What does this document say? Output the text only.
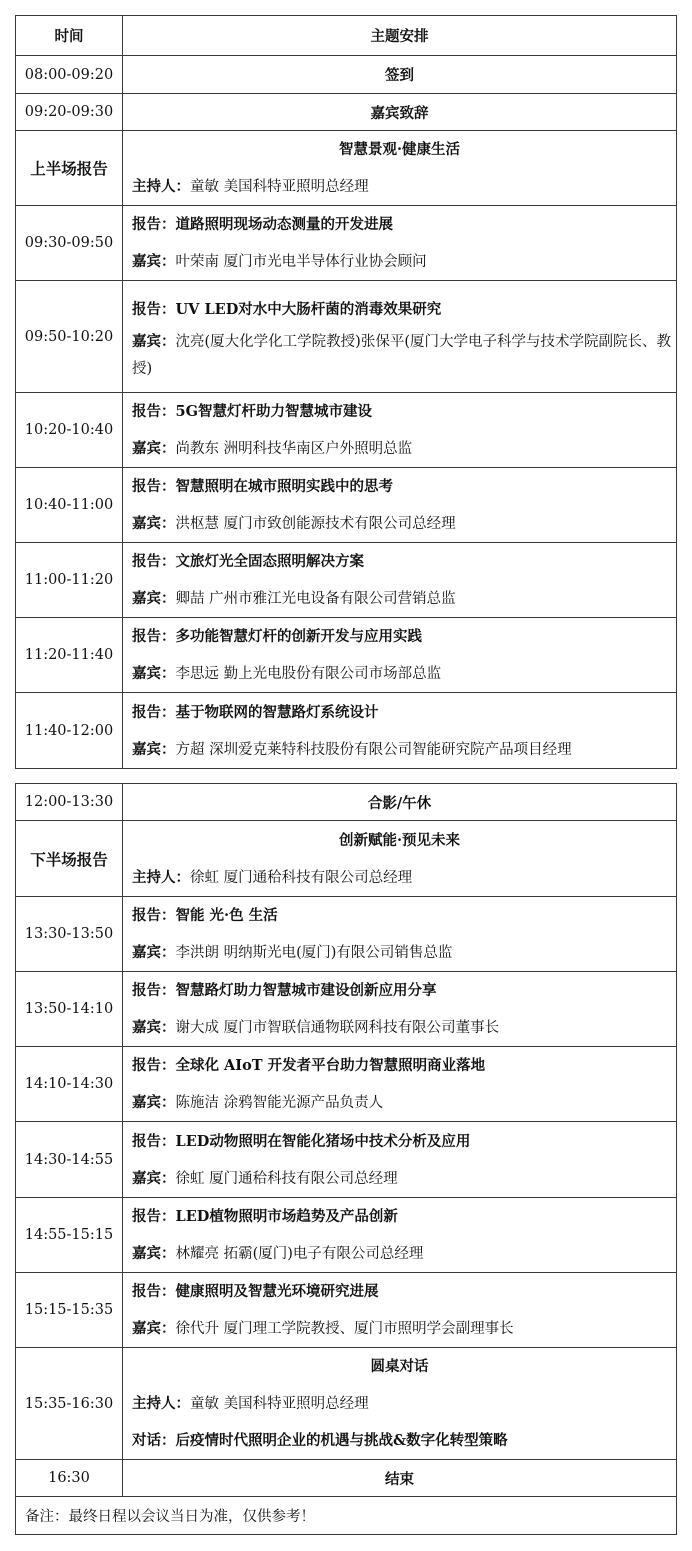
时间	主题安排
08:00-09:20	签到
09:20-09:30	嘉宾致辞
上半场报告	智慧景观·健康生活
主持人：童敏 美国科特亚照明总经理

09:30-09:50	报告：道路照明现场动态测量的开发进展
嘉宾：叶荣南 厦门市光电半导体行业协会顾问

09:50-10:20	报告：UV LED对水中大肠杆菌的消毒效果研究
嘉宾：沈亮(厦大化学化工学院教授)张保平(厦门大学电子科学与技术学院副院长、教授)

10:20-10:40	报告：5G智慧灯杆助力智慧城市建设
嘉宾：尚教东 洲明科技华南区户外照明总监

10:40-11:00	报告：智慧照明在城市照明实践中的思考
嘉宾：洪枢慧 厦门市致创能源技术有限公司总经理

11:00-11:20	报告：文旅灯光全固态照明解决方案
嘉宾：卿喆 广州市雅江光电设备有限公司营销总监

11:20-11:40	报告：多功能智慧灯杆的创新开发与应用实践
嘉宾：李思远 勤上光电股份有限公司市场部总监

11:40-12:00	报告：基于物联网的智慧路灯系统设计
嘉宾：方超 深圳爱克莱特科技股份有限公司智能研究院产品项目经理
12:00-13:30	合影/午休
下半场报告	创新赋能·预见未来
主持人：徐虹 厦门通秴科技有限公司总经理

13:30-13:50	报告：智能 光·色 生活
嘉宾：李洪朗 明纳斯光电(厦门)有限公司销售总监

13:50-14:10	报告：智慧路灯助力智慧城市建设创新应用分享
嘉宾：谢大成 厦门市智联信通物联网科技有限公司董事长

14:10-14:30	报告：全球化 AIoT 开发者平台助力智慧照明商业落地
嘉宾：陈施洁 涂鸦智能光源产品负责人

14:30-14:55	报告：LED动物照明在智能化猪场中技术分析及应用
嘉宾：徐虹 厦门通秴科技有限公司总经理

14:55-15:15	报告：LED植物照明市场趋势及产品创新
嘉宾：林耀亮 拓霸(厦门)电子有限公司总经理

15:15-15:35	报告：健康照明及智慧光环境研究进展
嘉宾：徐代升 厦门理工学院教授、厦门市照明学会副理事长

15:35-16:30	圆桌对话
主持人：童敏 美国科特亚照明总经理
对话：后疫情时代照明企业的机遇与挑战&数字化转型策略

16:30	结束
备注：最终日程以会议当日为准，仅供参考！	
